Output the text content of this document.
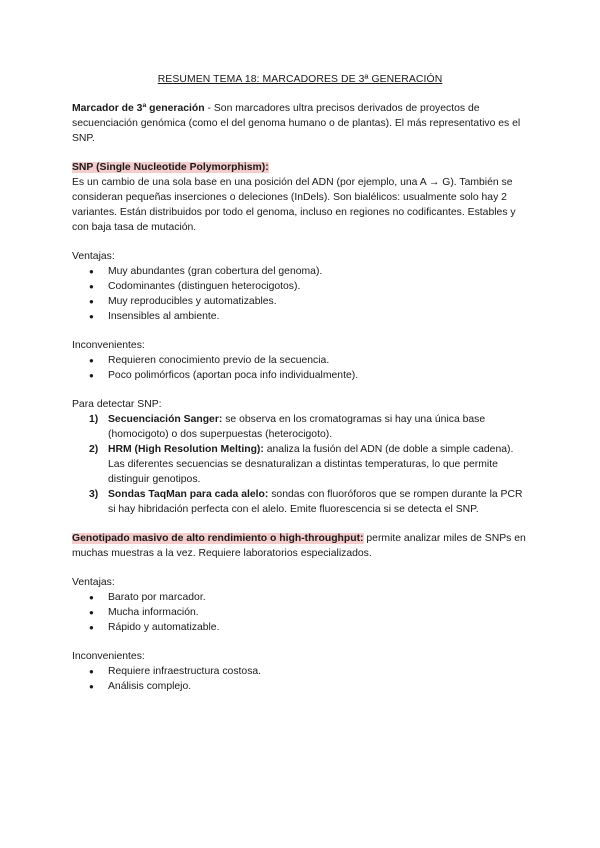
RESUMEN TEMA 18: MARCADORES DE 3ª GENERACIÓN

Marcador de 3ª generación - Son marcadores ultra precisos derivados de proyectos de secuenciación genómica (como el del genoma humano o de plantas). El más representativo es el SNP.

SNP (Single Nucleotide Polymorphism):

Es un cambio de una sola base en una posición del ADN (por ejemplo, una A → G). También se consideran pequeñas inserciones o deleciones (InDels). Son bialélicos: usualmente solo hay 2 variantes. Están distribuidos por todo el genoma, incluso en regiones no codificantes. Estables y con baja tasa de mutación.

Ventajas:

● Muy abundantes (gran cobertura del genoma).
● Codominantes (distinguen heterocigotos).
● Muy reproducibles y automatizables.
● Insensibles al ambiente.

Inconvenientes:

● Requieren conocimiento previo de la secuencia.
● Poco polimórficos (aportan poca info individualmente).

Para detectar SNP:

1) Secuenciación Sanger: se observa en los cromatogramas si hay una única base (homocigoto) o dos superpuestas (heterocigoto).
2) HRM (High Resolution Melting): analiza la fusión del ADN (de doble a simple cadena). Las diferentes secuencias se desnaturalizan a distintas temperaturas, lo que permite distinguir genotipos.
3) Sondas TaqMan para cada alelo: sondas con fluoróforos que se rompen durante la PCR si hay hibridación perfecta con el alelo. Emite fluorescencia si se detecta el SNP.

Genotipado masivo de alto rendimiento o high-throughput: permite analizar miles de SNPs en muchas muestras a la vez. Requiere laboratorios especializados.

Ventajas:

● Barato por marcador.
● Mucha información.
● Rápido y automatizable.

Inconvenientes:

● Requiere infraestructura costosa.
● Análisis complejo.
